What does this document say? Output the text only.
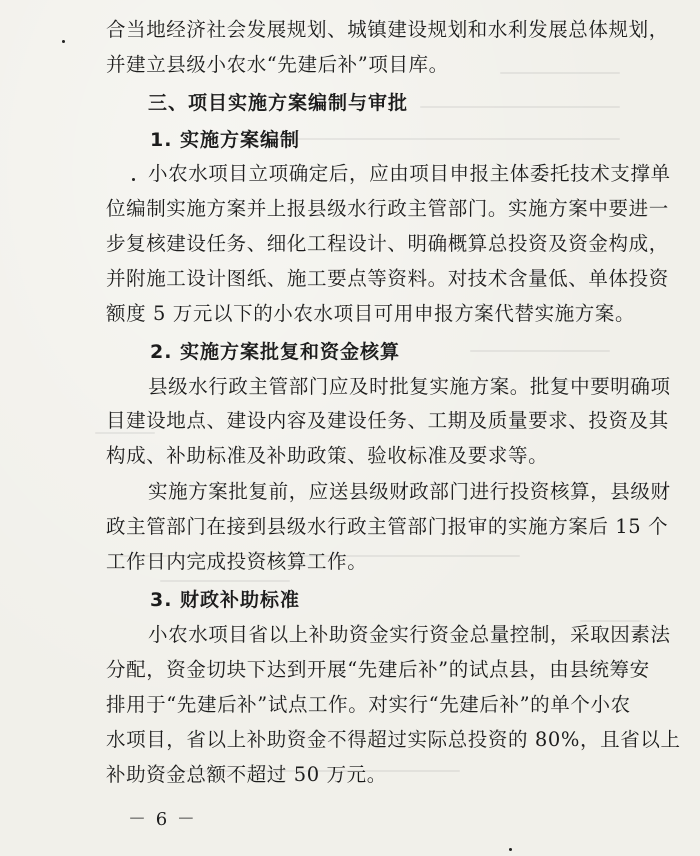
合当地经济社会发展规划、城镇建设规划和水利发展总体规划，
并建立县级小农水“先建后补”项目库。
三、项目实施方案编制与审批
1. 实施方案编制
小农水项目立项确定后，应由项目申报主体委托技术支撑单
位编制实施方案并上报县级水行政主管部门。实施方案中要进一
步复核建设任务、细化工程设计、明确概算总投资及资金构成，
并附施工设计图纸、施工要点等资料。对技术含量低、单体投资
额度 5 万元以下的小农水项目可用申报方案代替实施方案。
2. 实施方案批复和资金核算
县级水行政主管部门应及时批复实施方案。批复中要明确项
目建设地点、建设内容及建设任务、工期及质量要求、投资及其
构成、补助标准及补助政策、验收标准及要求等。
实施方案批复前，应送县级财政部门进行投资核算，县级财
政主管部门在接到县级水行政主管部门报审的实施方案后 15 个
工作日内完成投资核算工作。
3. 财政补助标准
小农水项目省以上补助资金实行资金总量控制，采取因素法
分配，资金切块下达到开展“先建后补”的试点县，由县统筹安
排用于“先建后补”试点工作。对实行“先建后补”的单个小农
水项目，省以上补助资金不得超过实际总投资的 80%，且省以上
补助资金总额不超过 50 万元。
－ 6 －
